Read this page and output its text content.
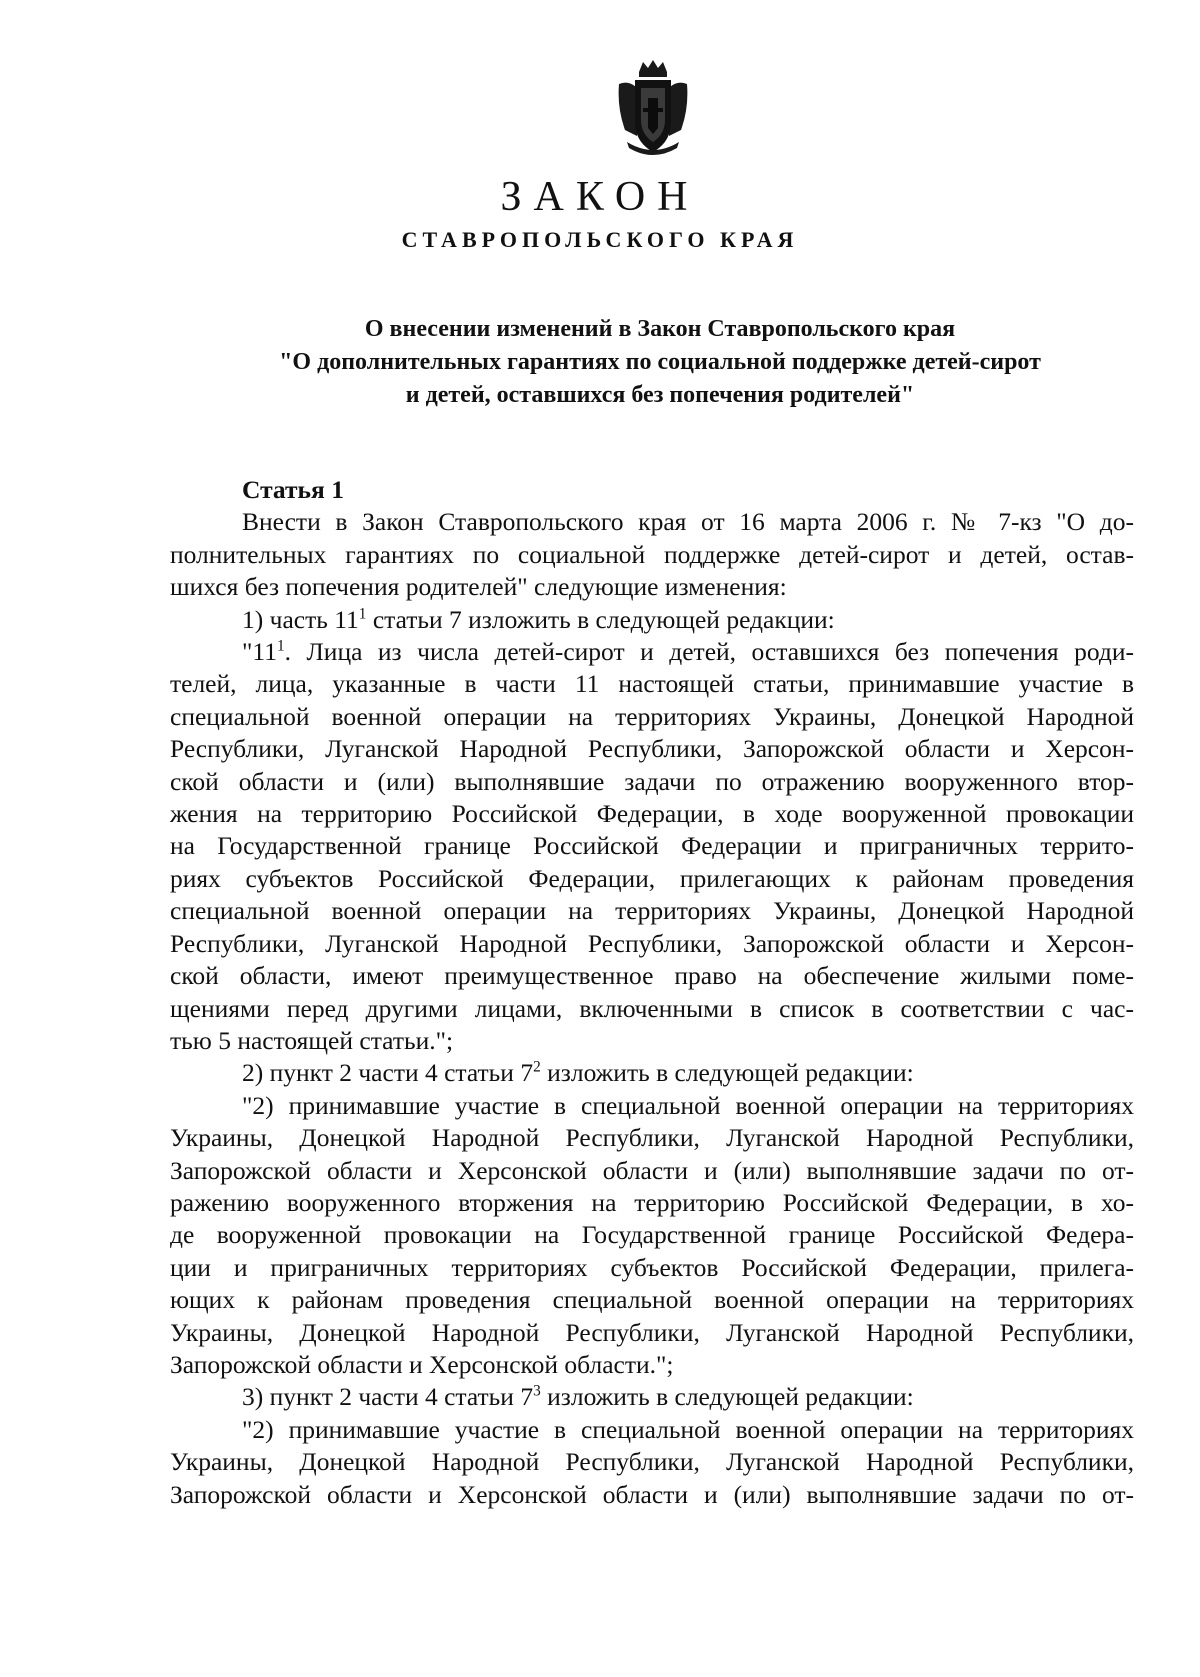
ЗАКОН
СТАВРОПОЛЬСКОГО КРАЯ
О внесении изменений в Закон Ставропольского края
"О дополнительных гарантиях по социальной поддержке детей-сирот
и детей, оставшихся без попечения родителей"
Статья 1
Внести в Закон Ставропольского края от 16 марта 2006 г. № 7-кз "О до-
полнительных гарантиях по социальной поддержке детей-сирот и детей, остав-
шихся без попечения родителей" следующие изменения:
1) часть $11^1$ статьи 7 изложить в следующей редакции:
"$11^1$. Лица из числа детей-сирот и детей, оставшихся без попечения роди-
телей, лица, указанные в части 11 настоящей статьи, принимавшие участие в
специальной военной операции на территориях Украины, Донецкой Народной
Республики, Луганской Народной Республики, Запорожской области и Херсон-
ской области и (или) выполнявшие задачи по отражению вооруженного втор-
жения на территорию Российской Федерации, в ходе вооруженной провокации
на Государственной границе Российской Федерации и приграничных террито-
риях субъектов Российской Федерации, прилегающих к районам проведения
специальной военной операции на территориях Украины, Донецкой Народной
Республики, Луганской Народной Республики, Запорожской области и Херсон-
ской области, имеют преимущественное право на обеспечение жилыми поме-
щениями перед другими лицами, включенными в список в соответствии с час-
тью 5 настоящей статьи.";
2) пункт 2 части 4 статьи $7^2$ изложить в следующей редакции:
"2) принимавшие участие в специальной военной операции на территориях
Украины, Донецкой Народной Республики, Луганской Народной Республики,
Запорожской области и Херсонской области и (или) выполнявшие задачи по от-
ражению вооруженного вторжения на территорию Российской Федерации, в хо-
де вооруженной провокации на Государственной границе Российской Федера-
ции и приграничных территориях субъектов Российской Федерации, прилега-
ющих к районам проведения специальной военной операции на территориях
Украины, Донецкой Народной Республики, Луганской Народной Республики,
Запорожской области и Херсонской области.";
3) пункт 2 части 4 статьи $7^3$ изложить в следующей редакции:
"2) принимавшие участие в специальной военной операции на территориях
Украины, Донецкой Народной Республики, Луганской Народной Республики,
Запорожской области и Херсонской области и (или) выполнявшие задачи по от-
